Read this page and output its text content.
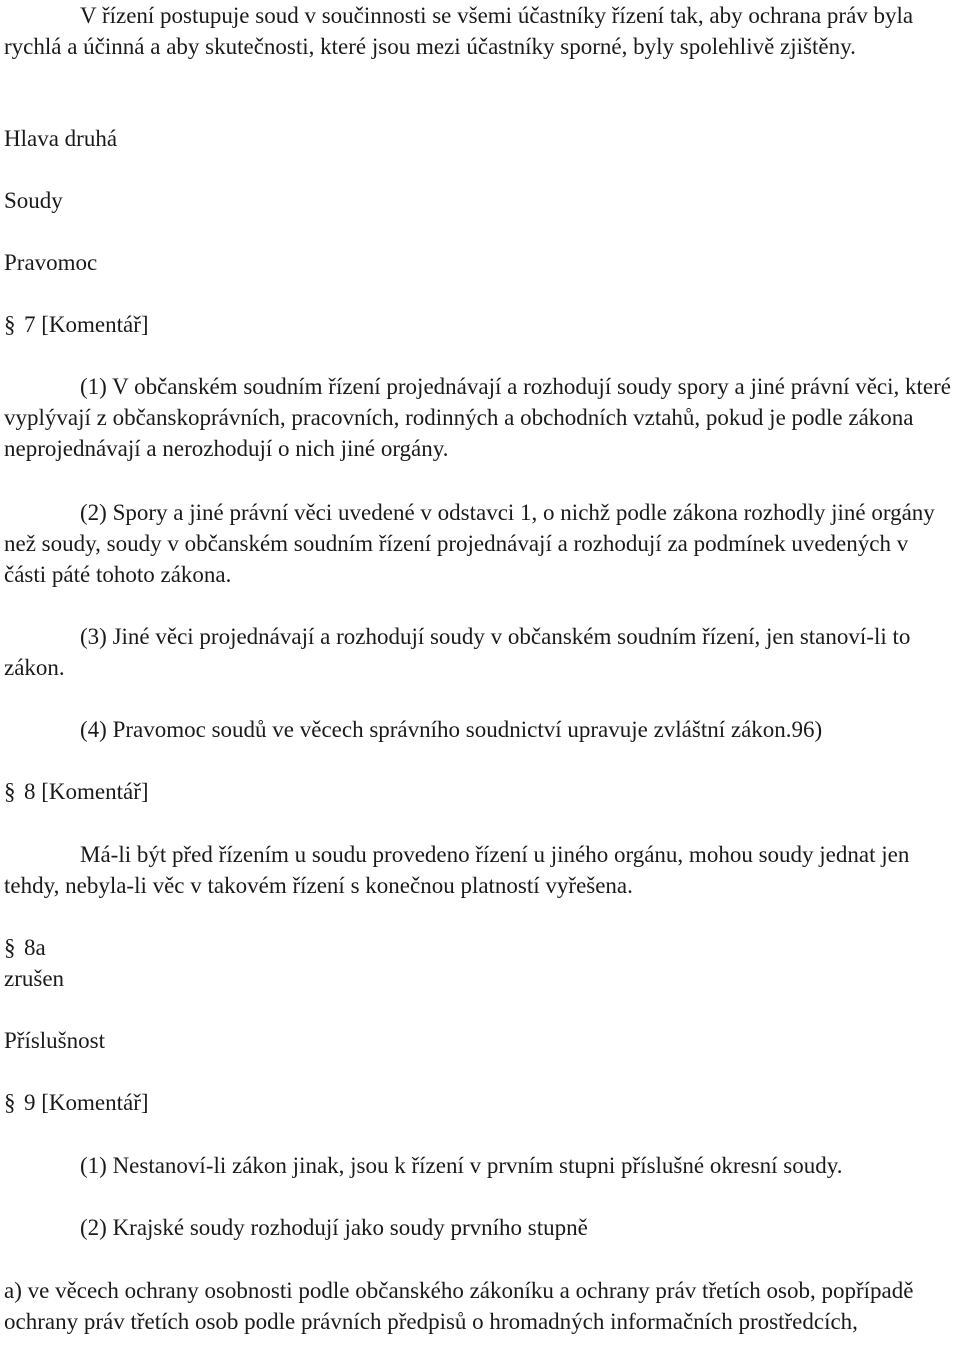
V řízení postupuje soud v součinnosti se všemi účastníky řízení tak, aby ochrana práv byla rychlá a účinná a aby skutečnosti, které jsou mezi účastníky sporné, byly spolehlivě zjištěny.

Hlava druhá

Soudy

Pravomoc

§ 7 [Komentář]

(1) V občanském soudním řízení projednávají a rozhodují soudy spory a jiné právní věci, které vyplývají z občanskoprávních, pracovních, rodinných a obchodních vztahů, pokud je podle zákona neprojednávají a nerozhodují o nich jiné orgány.

(2) Spory a jiné právní věci uvedené v odstavci 1, o nichž podle zákona rozhodly jiné orgány než soudy, soudy v občanském soudním řízení projednávají a rozhodují za podmínek uvedených v části páté tohoto zákona.

(3) Jiné věci projednávají a rozhodují soudy v občanském soudním řízení, jen stanoví-li to zákon.

(4) Pravomoc soudů ve věcech správního soudnictví upravuje zvláštní zákon.96)

§ 8 [Komentář]

Má-li být před řízením u soudu provedeno řízení u jiného orgánu, mohou soudy jednat jen tehdy, nebyla-li věc v takovém řízení s konečnou platností vyřešena.

§ 8a

zrušen

Příslušnost

§ 9 [Komentář]

(1) Nestanoví-li zákon jinak, jsou k řízení v prvním stupni příslušné okresní soudy.

(2) Krajské soudy rozhodují jako soudy prvního stupně

a) ve věcech ochrany osobnosti podle občanského zákoníku a ochrany práv třetích osob, popřípadě ochrany práv třetích osob podle právních předpisů o hromadných informačních prostředcích,
